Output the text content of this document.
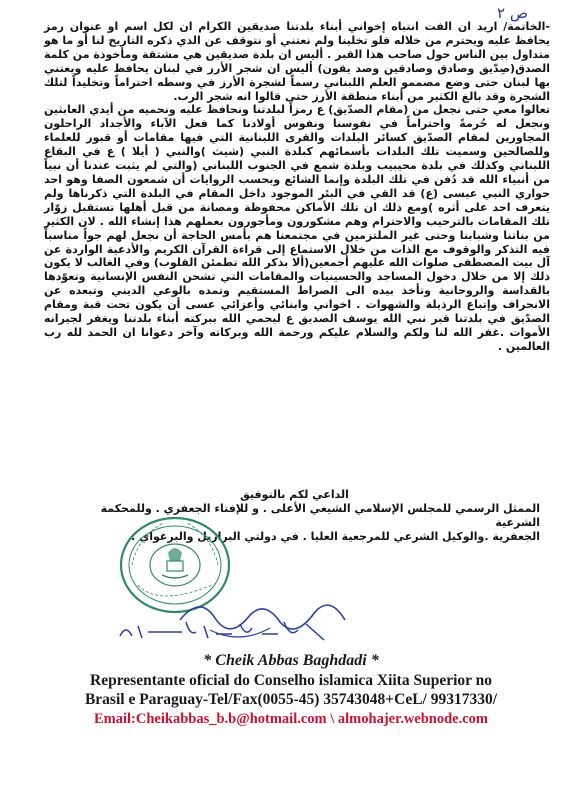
ص ٢

-الخاتمة/ اريد ان الفت انتباه إخواني أبناء بلدتنا صديقين الكرام ان لكل اسم او عنوان رمز يحافظ عليه ويحترم من خلاله فلو تخلينا ولم نعتني أو نتوقف عن الذي ذكره التاريخ لنا أو ما هو متداول بين الناس حول صاحب هذا القبر . أليس ان بلدة صديقين هي مشتقة ومأخوذة من كلمة الصدق(صِدّيق وصادق وصادقين وصد يقون) أليس ان شجر الأرز في لبنان يحافظ عليه ويعتني بها لبنان حتى وضع مصممو العلم اللبناني رسماً لشجرة الأرز في وسطه احتراماً وتخليداً لتلك الشجرة وقد بالغ الكثير من أبناء منطقة الأرز حتى قالوا انه شجر الرب.

تعالوا معي حتى نجعل من (مقام الصدّيق) ع رمزاً لبلدتنا ونحافظ عليه ونحميه من أيدي العابثين ونجعل له حُرمةً واحتراماً في نفوسنا ونفوس أولادنا كما فعل الآباء والأجداد الراحلون المجاورين لمقام الصدّيق كسائر البلدات والقرى اللبنانية التي فيها مقامات أو قبور للعلماء وللصالحين وسميت تلك البلدات بأسمائهم كبلدة النبي (شيث )والنبي ( أيلا ) ع في البقاع اللبناني وكذلك في بلدة محيبيب وبلدة شمع في الجنوب اللبناني (والتي لم يثبت عندنا أن نبياً من أنبياء الله قد دُفن في تلك البلدة وإنما الشائع وبحسب الروايات أن شمعون الصفا وهو احد حواري النبي عيسى (ع) قد القي في البئر الموجود داخل المقام في البلدة التي ذكرناها ولم يتعرف احد على أثره )ومع ذلك ان تلك الأماكن محفوظة ومصانة من قبل أهلها تستقبل زوّار تلك المقامات بالترحيب والاحترام وهم مشكورون ومأجورون بعملهم هذا إنشاء الله . لان الكثير من بناتنا وشبابنا وحتى غير الملتزمين في مجتمعنا هم بأمس الحاجة أن نجعل لهم جواً مناسباً فيه التذكر والوقوف مع الذات من خلال الاستماع إلى قراءة القرآن الكريم والأدعية الواردة عن آل بيت المصطفى صلوات الله عليهم أجمعين(ألا بذكر الله تطمئن القلوب) وفي الغالب لا يكون ذلك إلا من خلال دخول المساجد والحسينيات والمقامات التي تشحن النفس الإنسانية وتعوّدها بالقداسة والروحانية وتأخذ بيده الى الصراط المستقيم وتمده بالوعي الديني وتبعده عن الانحراف وإتباع الرذيلة والشهوات . اخواني وابنائي وأعزائي عسى أن يكون تحت قبة ومقام الصدّيق في بلدتنا قبر نبي الله يوسف الصديق ع ليحمي الله ببركته أبناء بلدتنا ويغفر لجيرانه الأموات .غفر الله لنا ولكم والسلام عليكم ورحمة الله وبركاته وآخر دعوانا ان الحمد لله رب العالمين .

الداعي لكم بالتوفيق
الممثل الرسمي للمجلس الإسلامي الشيعي الأعلى . و للإفتاء الجعفري . وللمحكمة الشرعية
الجعفرية .والوكيل الشرعي للمرجعية العليا . في دولتي البرازيل والبرغواي .
* Cheik Abbas Baghdadi *
Representante oficial do Conselho islamica Xiita Superior no
Brasil e Paraguay-Tel/Fax(0055-45) 35743048+CeL/ 99317330/
Email:Cheikabbas_b.b@hotmail.com \ almohajer.webnode.com
